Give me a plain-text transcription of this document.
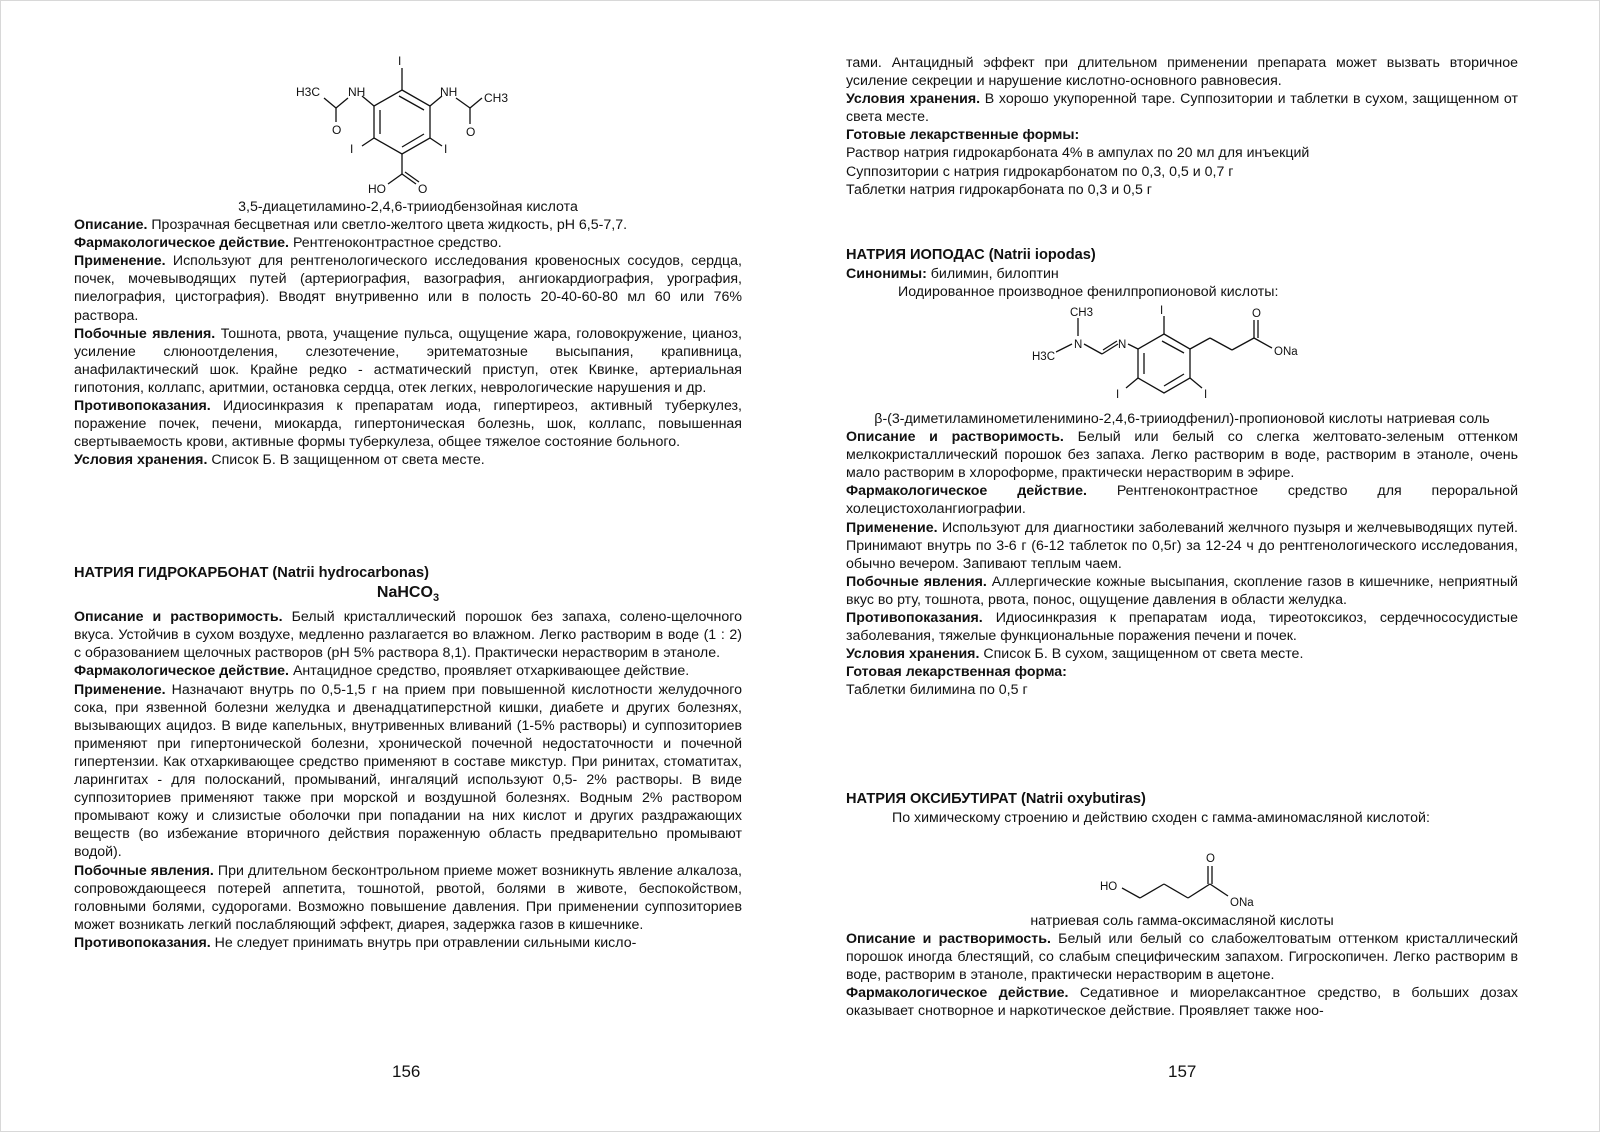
I
H3C NH	NH CH3
O	O
I	I
HO	O
3,5-диацетиламино-2,4,6-трииодбензойная кислота

Описание. Прозрачная бесцветная или светло-желтого цвета жидкость, pH 6,5-7,7.

Фармакологическое действие. Рентгеноконтрастное средство.

Применение. Используют для рентгенологического исследования кровеносных сосудов, сердца, почек, мочевыводящих путей (артериография, вазография, ангиокардиография, урография, пиелография, цистография). Вводят внутривенно или в полость 20-40-60-80 мл 60 или 76% раствора.

Побочные явления. Тошнота, рвота, учащение пульса, ощущение жара, головокружение, цианоз, усиление слюноотделения, слезотечение, эритематозные высыпания, крапивница, анафилактический шок. Крайне редко - астматический приступ, отек Квинке, артериальная гипотония, коллапс, аритмии, остановка сердца, отек легких, неврологические нарушения и др.

Противопоказания. Идиосинкразия к препаратам иода, гипертиреоз, активный туберкулез, поражение почек, печени, миокарда, гипертоническая болезнь, шок, коллапс, повышенная свертываемость крови, активные формы туберкулеза, общее тяжелое состояние больного.

Условия хранения. Список Б. В защищенном от света месте.

НАТРИЯ ГИДРОКАРБОНАТ (Natrii hydrocarbonas)
NaHCO$_3$

Описание и растворимость. Белый кристаллический порошок без запаха, солено-щелочного вкуса. Устойчив в сухом воздухе, медленно разлагается во влажном. Легко растворим в воде (1 : 2) с образованием щелочных растворов (pH 5% раствора 8,1). Практически нерастворим в этаноле.

Фармакологическое действие. Антацидное средство, проявляет отхаркивающее действие.

Применение. Назначают внутрь по 0,5-1,5 г на прием при повышенной кислотности желудочного сока, при язвенной болезни желудка и двенадцатиперстной кишки, диабете и других болезнях, вызывающих ацидоз. В виде капельных, внутривенных вливаний (1-5% растворы) и суппозиториев применяют при гипертонической болезни, хронической почечной недостаточности и почечной гипертензии. Как отхаркивающее средство применяют в составе микстур. При ринитах, стоматитах, ларингитах - для полосканий, промываний, ингаляций используют 0,5- 2% растворы. В виде суппозиториев применяют также при морской и воздушной болезнях. Водным 2% раствором промывают кожу и слизистые оболочки при попадании на них кислот и других раздражающих веществ (во избежание вторичного действия пораженную область предварительно промывают водой).

Побочные явления. При длительном бесконтрольном приеме может возникнуть явление алкалоза, сопровождающееся потерей аппетита, тошнотой, рвотой, болями в животе, беспокойством, головными болями, судорогами. Возможно повышение давления. При применении суппозиториев может возникать легкий послабляющий эффект, диарея, задержка газов в кишечнике.

Противопоказания. Не следует принимать внутрь при отравлении сильными кисло-

156

тами. Антацидный эффект при длительном применении препарата может вызвать вторичное усиление секреции и нарушение кислотно-основного равновесия.

Условия хранения. В хорошо укупоренной таре. Суппозитории и таблетки в сухом, защищенном от света месте.

Готовые лекарственные формы:
Раствор натрия гидрокарбоната 4% в ампулах по 20 мл для инъекций
Суппозитории с натрия гидрокарбонатом по 0,3, 0,5 и 0,7 г
Таблетки натрия гидрокарбоната по 0,3 и 0,5 г
НАТРИЯ ИОПОДАС (Natrii iopodas)
Синонимы: билимин, билоптин
Иодированное производное фенилпропионовой кислоты:
CH3
N
H3C
N
I	O
ONa
I	I

β-(3-диметиламинометиленимино-2,4,6-трииодфенил)-пропионовой кислоты натриевая соль

Описание и растворимость. Белый или белый со слегка желтовато-зеленым оттенком мелкокристаллический порошок без запаха. Легко растворим в воде, растворим в этаноле, очень мало растворим в хлороформе, практически нерастворим в эфире.

Фармакологическое действие. Рентгеноконтрастное средство для пероральной холецистохолангиографии.

Применение. Используют для диагностики заболеваний желчного пузыря и желчевыводящих путей. Принимают внутрь по 3-6 г (6-12 таблеток по 0,5г) за 12-24 ч до рентгенологического исследования, обычно вечером. Запивают теплым чаем.

Побочные явления. Аллергические кожные высыпания, скопление газов в кишечнике, неприятный вкус во рту, тошнота, рвота, понос, ощущение давления в области желудка.

Противопоказания. Идиосинкразия к препаратам иода, тиреотоксикоз, сердечнососудистые заболевания, тяжелые функциональные поражения печени и почек.

Условия хранения. Список Б. В сухом, защищенном от света месте.

Готовая лекарственная форма:
Таблетки билимина по 0,5 г
НАТРИЯ ОКСИБУТИРАТ (Natrii oxybutiras)

По химическому строению и действию сходен с гамма-аминомасляной кислотой:

O
HO
ONa
натриевая соль гамма-оксимасляной кислоты

Описание и растворимость. Белый или белый со слабожелтоватым оттенком кристаллический порошок иногда блестящий, со слабым специфическим запахом. Гигроскопичен. Легко растворим в воде, растворим в этаноле, практически нерастворим в ацетоне.

Фармакологическое действие. Седативное и миорелаксантное средство, в больших дозах оказывает снотворное и наркотическое действие. Проявляет также ноо-

157
